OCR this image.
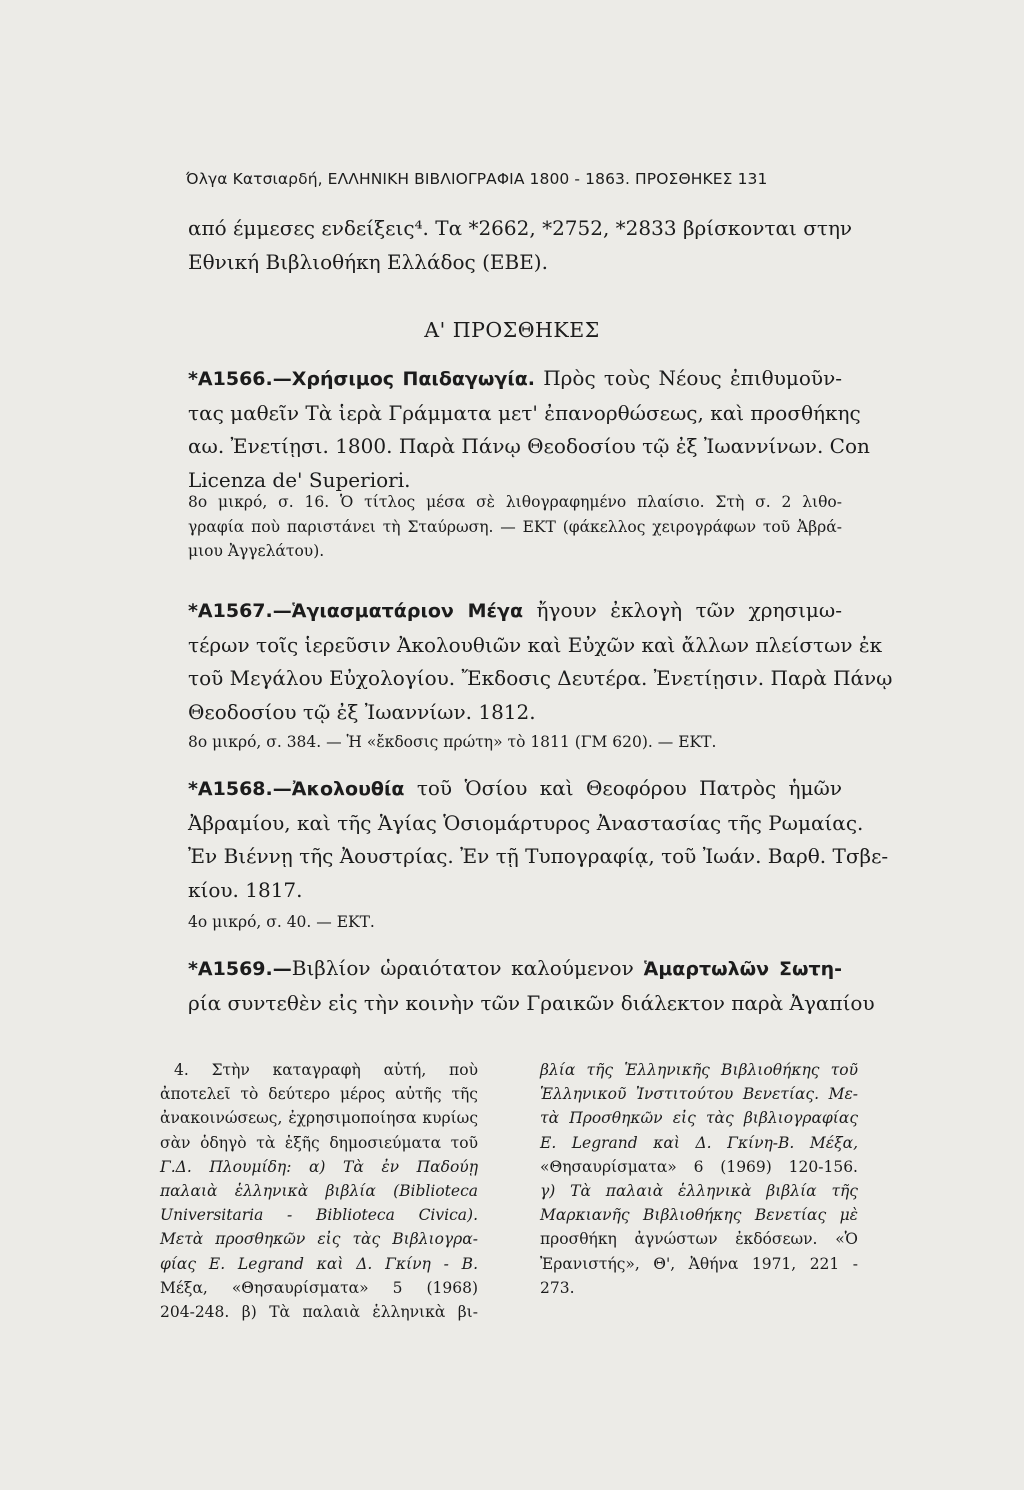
Όλγα Κατσιαρδή, ΕΛΛΗΝΙΚΗ ΒΙΒΛΙΟΓΡΑΦΙΑ 1800 - 1863. ΠΡΟΣΘΗΚΕΣ 131
από έμμεσες ενδείξεις⁴. Τα *2662, *2752, *2833 βρίσκονται στην
Εθνική Βιβλιοθήκη Ελλάδος (ΕΒΕ).
Α' ΠΡΟΣΘΗΚΕΣ
*Α1566.—Χρήσιμος Παιδαγωγία. Πρὸς τοὺς Νέους ἐπιθυμοῦν-
τας μαθεῖν Τὰ ἱερὰ Γράμματα μετ' ἐπανορθώσεως, καὶ προσθήκης
αω. Ἐνετίῃσι. 1800. Παρὰ Πάνῳ Θεοδοσίου τῷ ἐξ Ἰωαννίνων. Con
Licenza de' Superiori.
8ο μικρό, σ. 16. Ὁ τίτλος μέσα σὲ λιθογραφημένο πλαίσιο. Στὴ σ. 2 λιθο-
γραφία ποὺ παριστάνει τὴ Σταύρωση. — ΕΚΤ (φάκελλος χειρογράφων τοῦ Ἀβρά-
μιου Ἀγγελάτου).
*Α1567.—Ἁγιασματάριον Μέγα ἤγουν ἐκλογὴ τῶν χρησιμω-
τέρων τοῖς ἱερεῦσιν Ἀκολουθιῶν καὶ Εὐχῶν καὶ ἄλλων πλείστων ἐκ
τοῦ Μεγάλου Εὐχολογίου. Ἔκδοσις Δευτέρα. Ἐνετίῃσιν. Παρὰ Πάνῳ
Θεοδοσίου τῷ ἐξ Ἰωαννίων. 1812.
8ο μικρό, σ. 384. — Ἡ «ἔκδοσις πρώτη» τὸ 1811 (ΓΜ 620). — ΕΚΤ.
*Α1568.—Ἀκολουθία τοῦ Ὁσίου καὶ Θεοφόρου Πατρὸς ἡμῶν
Ἀβραμίου, καὶ τῆς Ἁγίας Ὁσιομάρτυρος Ἀναστασίας τῆς Ρωμαίας.
Ἐν Βιέννῃ τῆς Ἀουστρίας. Ἐν τῇ Τυπογραφίᾳ, τοῦ Ἰωάν. Βαρθ. Τσβε-
κίου. 1817.
4ο μικρό, σ. 40. — ΕΚΤ.
*Α1569.—Βιβλίον ὡραιότατον καλούμενον Ἁμαρτωλῶν Σωτη-
ρία συντεθὲν εἰς τὴν κοινὴν τῶν Γραικῶν διάλεκτον παρὰ Ἀγαπίου
4. Στὴν καταγραφὴ αὐτή, ποὺ
ἀποτελεῖ τὸ δεύτερο μέρος αὐτῆς τῆς
ἀνακοινώσεως, ἐχρησιμοποίησα κυρίως
σὰν ὁδηγὸ τὰ ἑξῆς δημοσιεύματα τοῦ
Γ.Δ. Πλουμίδη: α) Τὰ ἐν Παδούῃ
παλαιὰ ἑλληνικὰ βιβλία (Biblioteca
Universitaria - Biblioteca Civica).
Μετὰ προσθηκῶν εἰς τὰς Βιβλιογρα-
φίας Ε. Legrand καὶ Δ. Γκίνη - Β.
Μέξα, «Θησαυρίσματα» 5 (1968)
204-248. β) Τὰ παλαιὰ ἑλληνικὰ βι-
βλία τῆς Ἑλληνικῆς Βιβλιοθήκης τοῦ
Ἑλληνικοῦ Ἰνστιτούτου Βενετίας. Με-
τὰ Προσθηκῶν εἰς τὰς βιβλιογραφίας
Ε. Legrand καὶ Δ. Γκίνη-Β. Μέξα,
«Θησαυρίσματα» 6 (1969) 120-156.
γ) Τὰ παλαιὰ ἑλληνικὰ βιβλία τῆς
Μαρκιανῆς Βιβλιοθήκης Βενετίας μὲ
προσθήκη ἀγνώστων ἐκδόσεων. «Ὁ
Ἐρανιστής», Θ', Ἀθήνα 1971, 221 -
273.
